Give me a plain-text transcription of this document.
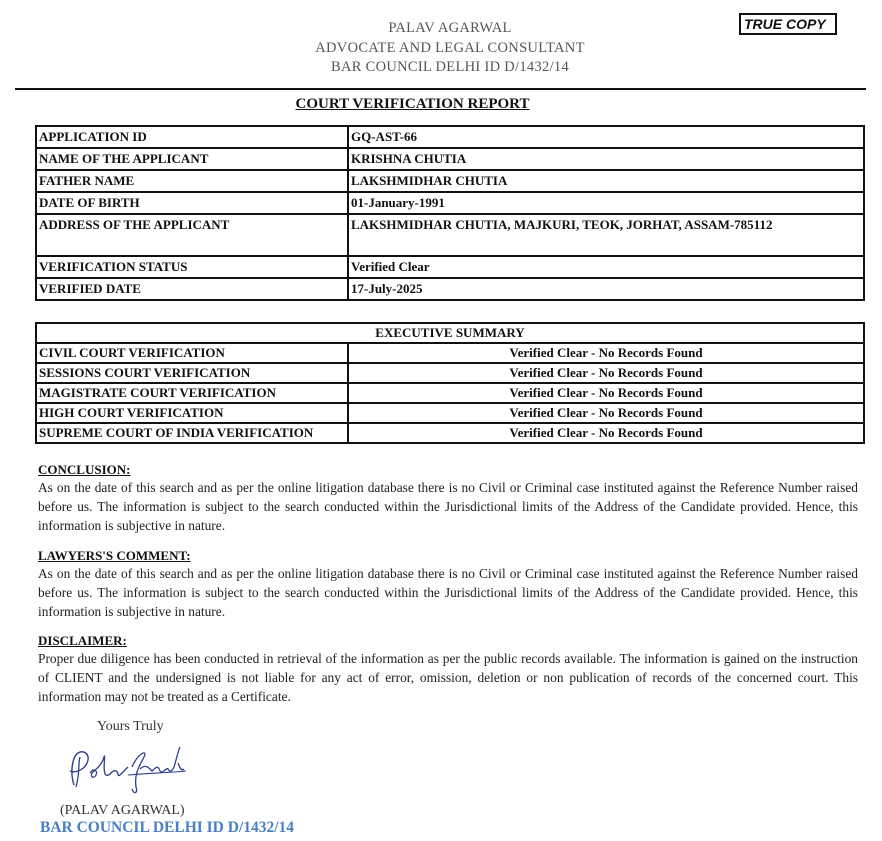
PALAV AGARWAL
ADVOCATE AND LEGAL CONSULTANT
BAR COUNCIL DELHI ID D/1432/14
TRUE COPY
COURT VERIFICATION REPORT
APPLICATION ID	GQ-AST-66
NAME OF THE APPLICANT	KRISHNA CHUTIA
FATHER NAME	LAKSHMIDHAR CHUTIA
DATE OF BIRTH	01-January-1991
ADDRESS OF THE APPLICANT	LAKSHMIDHAR CHUTIA, MAJKURI, TEOK, JORHAT, ASSAM-785112
VERIFICATION STATUS	Verified Clear
VERIFIED DATE	17-July-2025
EXECUTIVE SUMMARY	
CIVIL COURT VERIFICATION	Verified Clear - No Records Found
SESSIONS COURT VERIFICATION	Verified Clear - No Records Found
MAGISTRATE COURT VERIFICATION	Verified Clear - No Records Found
HIGH COURT VERIFICATION	Verified Clear - No Records Found
SUPREME COURT OF INDIA VERIFICATION	Verified Clear - No Records Found
CONCLUSION:
As on the date of this search and as per the online litigation database there is no Civil or Criminal case instituted against the Reference Number raised before us. The information is subject to the search conducted within the Jurisdictional limits of the Address of the Candidate provided. Hence, this information is subjective in nature.
LAWYERS'S COMMENT:
As on the date of this search and as per the online litigation database there is no Civil or Criminal case instituted against the Reference Number raised before us. The information is subject to the search conducted within the Jurisdictional limits of the Address of the Candidate provided. Hence, this information is subjective in nature.
DISCLAIMER:
Proper due diligence has been conducted in retrieval of the information as per the public records available. The information is gained on the instruction of CLIENT and the undersigned is not liable for any act of error, omission, deletion or non publication of records of the concerned court. This information may not be treated as a Certificate.
Yours Truly
(PALAV AGARWAL)
BAR COUNCIL DELHI ID D/1432/14
